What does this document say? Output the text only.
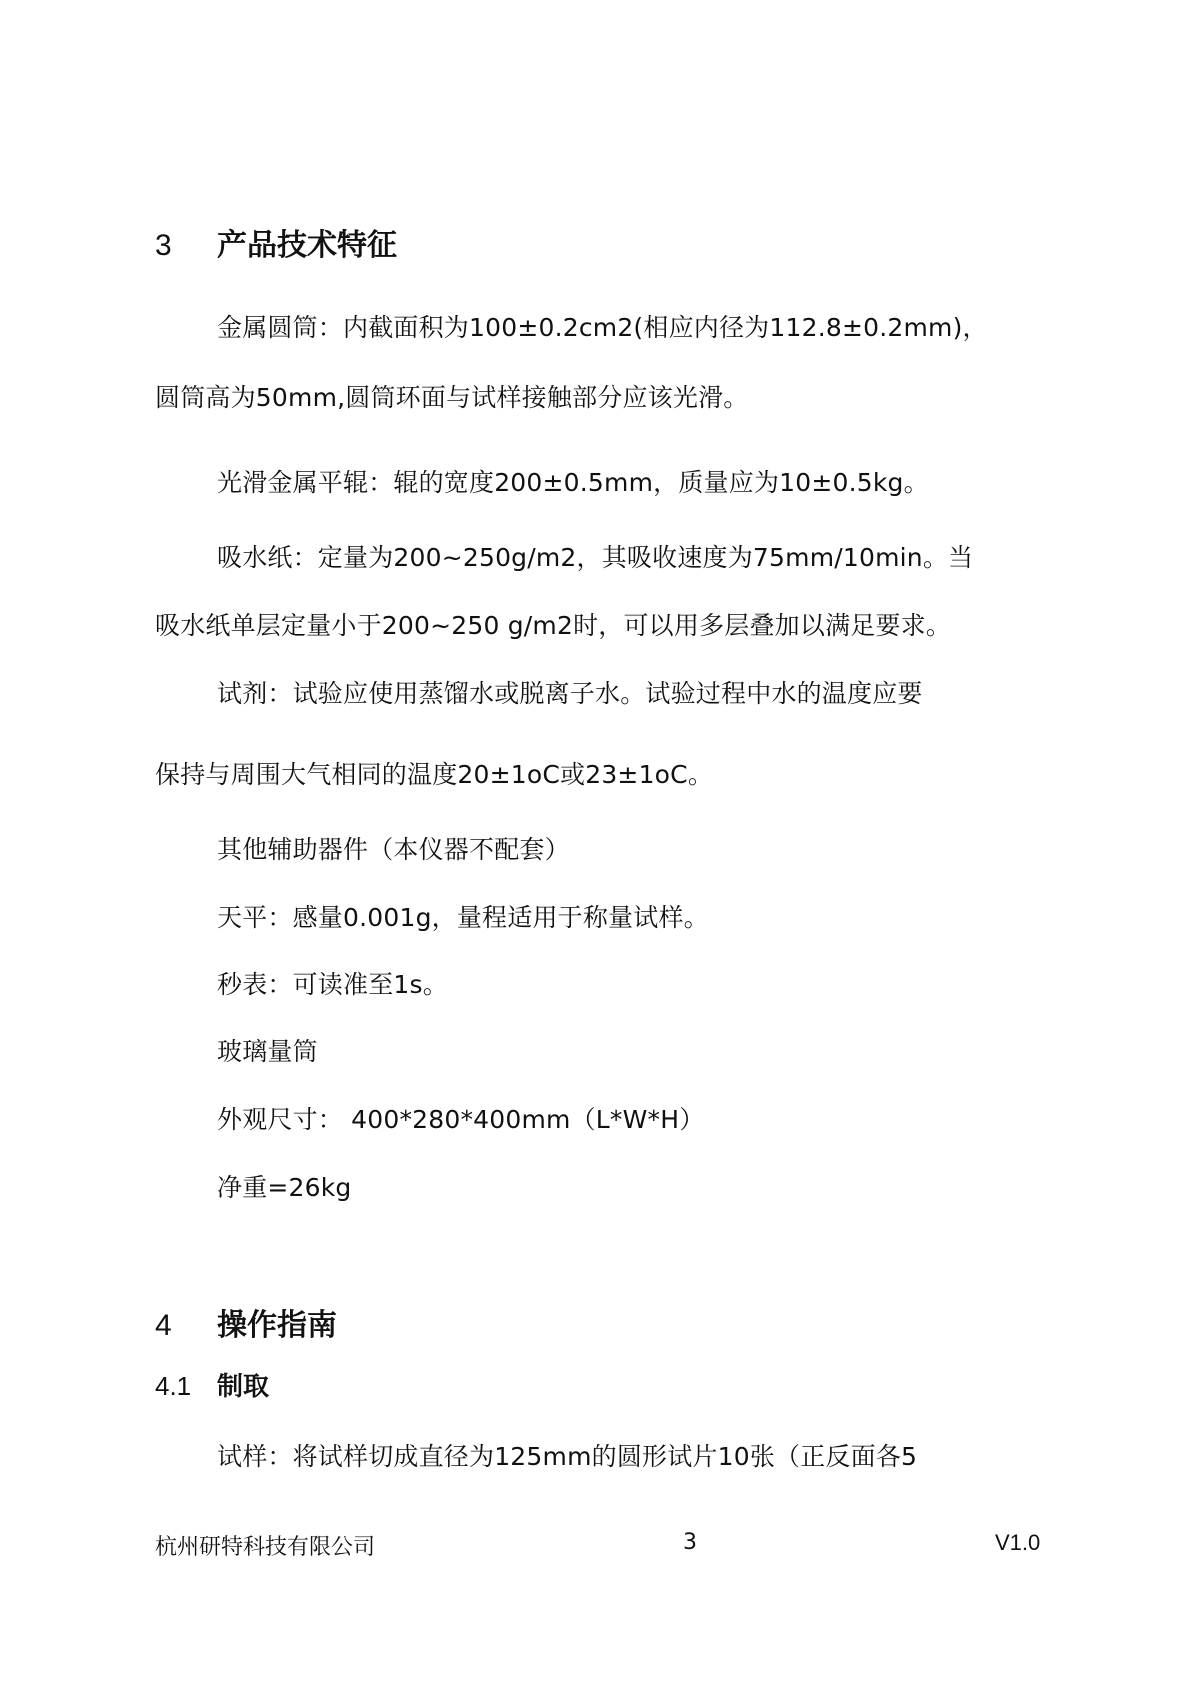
3 产品技术特征
金属圆筒：内截面积为100±0.2cm2(相应内径为112.8±0.2mm)，
圆筒高为50mm,圆筒环面与试样接触部分应该光滑。
光滑金属平辊：辊的宽度200±0.5mm，质量应为10±0.5kg。
吸水纸：定量为200~250g/m2，其吸收速度为75mm/10min。当
吸水纸单层定量小于200~250 g/m2时，可以用多层叠加以满足要求。
试剂：试验应使用蒸馏水或脱离子水。试验过程中水的温度应要
保持与周围大气相同的温度20±1oC或23±1oC。
其他辅助器件（本仪器不配套）
天平：感量0.001g，量程适用于称量试样。
秒表：可读准至1s。
玻璃量筒
外观尺寸： 400*280*400mm（L*W*H）
净重=26kg
4 操作指南
4.1 制取
试样：将试样切成直径为125mm的圆形试片10张（正反面各5
杭州研特科技有限公司	3	V1.0
